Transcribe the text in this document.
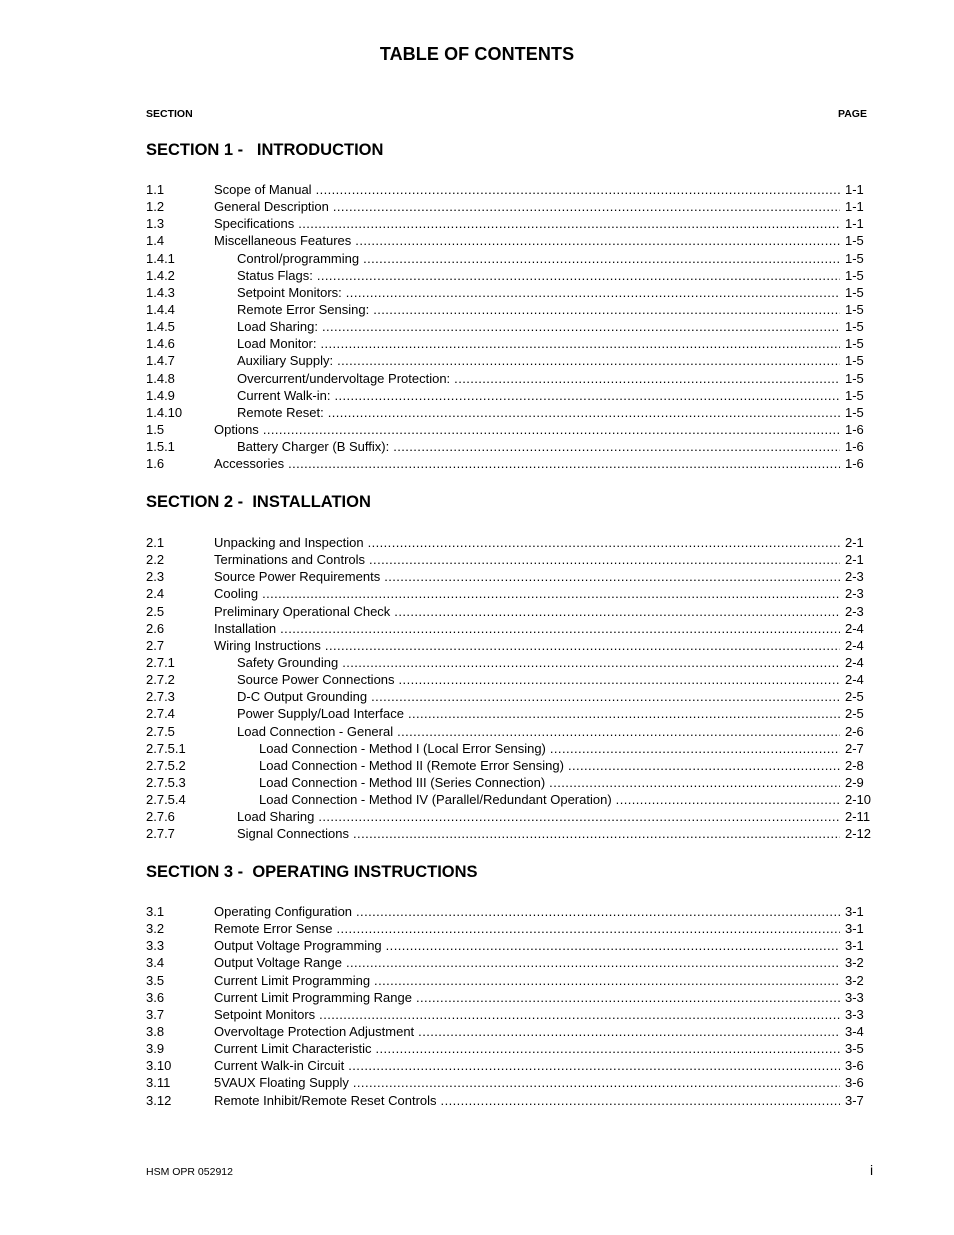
TABLE OF CONTENTS
SECTION	PAGE
SECTION 1 -   INTRODUCTION
1.1	Scope of Manual .....	1-1
1.2	General Description .....	1-1
1.3	Specifications .....	1-1
1.4	Miscellaneous Features .....	1-5
1.4.1	Control/programming .....	1-5
1.4.2	Status Flags: .....	1-5
1.4.3	Setpoint Monitors: .....	1-5
1.4.4	Remote Error Sensing: .....	1-5
1.4.5	Load Sharing: .....	1-5
1.4.6	Load Monitor: .....	1-5
1.4.7	Auxiliary Supply: .....	1-5
1.4.8	Overcurrent/undervoltage Protection: .....	1-5
1.4.9	Current Walk-in: .....	1-5
1.4.10	Remote Reset: .....	1-5
1.5	Options .....	1-6
1.5.1	Battery Charger (B Suffix): .....	1-6
1.6	Accessories .....	1-6
SECTION 2 -  INSTALLATION
2.1	Unpacking and Inspection .....	2-1
2.2	Terminations and Controls .....	2-1
2.3	Source Power Requirements .....	2-3
2.4	Cooling .....	2-3
2.5	Preliminary Operational Check .....	2-3
2.6	Installation .....	2-4
2.7	Wiring Instructions .....	2-4
2.7.1	Safety Grounding .....	2-4
2.7.2	Source Power Connections .....	2-4
2.7.3	D-C Output Grounding .....	2-5
2.7.4	Power Supply/Load Interface .....	2-5
2.7.5	Load Connection - General .....	2-6
2.7.5.1	Load Connection - Method I (Local Error Sensing) .....	2-7
2.7.5.2	Load Connection - Method II (Remote Error Sensing) .....	2-8
2.7.5.3	Load Connection - Method III (Series Connection) .....	2-9
2.7.5.4	Load Connection - Method IV (Parallel/Redundant Operation) .....	2-10
2.7.6	Load Sharing .....	2-11
2.7.7	Signal Connections .....	2-12
SECTION 3 -  OPERATING INSTRUCTIONS
3.1	Operating Configuration .....	3-1
3.2	Remote Error Sense .....	3-1
3.3	Output Voltage Programming .....	3-1
3.4	Output Voltage Range .....	3-2
3.5	Current Limit Programming .....	3-2
3.6	Current Limit Programming Range .....	3-3
3.7	Setpoint Monitors .....	3-3
3.8	Overvoltage Protection Adjustment .....	3-4
3.9	Current Limit Characteristic .....	3-5
3.10	Current Walk-in Circuit .....	3-6
3.11	5VAUX Floating Supply .....	3-6
3.12	Remote Inhibit/Remote Reset Controls .....	3-7
HSM OPR 052912	i
